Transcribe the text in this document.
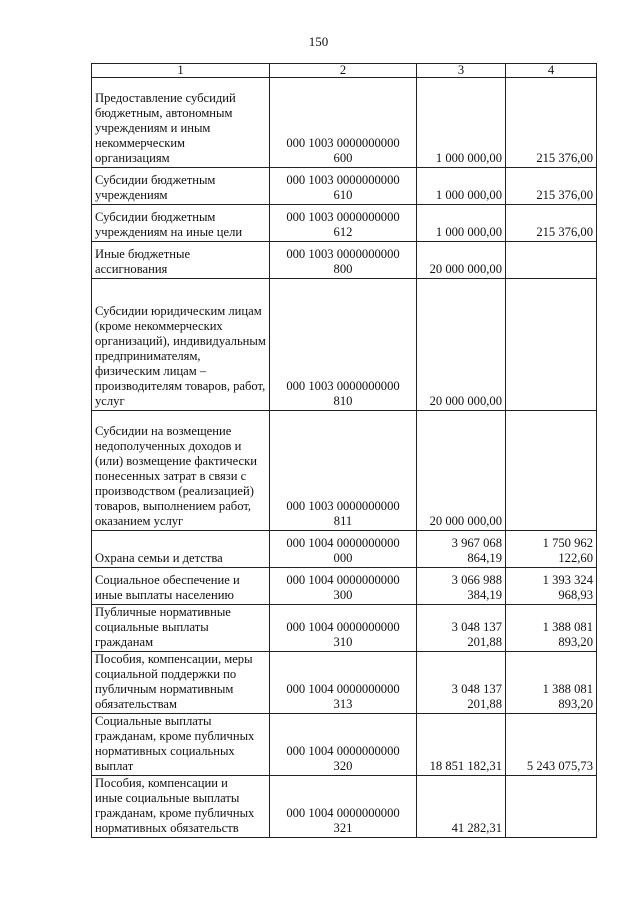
150
1	2	3	4

Предоставление субсидий бюджетным, автономным учреждениям и иным некоммерческим организациям	000 1003 0000000000 600	1 000 000,00	215 376,00

Субсидии бюджетным учреждениям	000 1003 0000000000 610	1 000 000,00	215 376,00

Субсидии бюджетным учреждениям на иные цели	000 1003 0000000000 612	1 000 000,00	215 376,00

Иные бюджетные ассигнования	000 1003 0000000000 800	20 000 000,00	

Субсидии юридическим лицам (кроме некоммерческих организаций), индивидуальным предпринимателям, физическим лицам – производителям товаров, работ, услуг	000 1003 0000000000 810	20 000 000,00	

Субсидии на возмещение недополученных доходов и (или) возмещение фактически понесенных затрат в связи с производством (реализацией) товаров, выполнением работ, оказанием услуг	000 1003 0000000000 811	20 000 000,00	

Охрана семьи и детства	000 1004 0000000000 000	3 967 068 864,19	1 750 962 122,60

Социальное обеспечение и иные выплаты населению	000 1004 0000000000 300	3 066 988 384,19	1 393 324 968,93

Публичные нормативные социальные выплаты гражданам	000 1004 0000000000 310	3 048 137 201,88	1 388 081 893,20

Пособия, компенсации, меры социальной поддержки по публичным нормативным обязательствам	000 1004 0000000000 313	3 048 137 201,88	1 388 081 893,20

Социальные выплаты гражданам, кроме публичных нормативных социальных выплат	000 1004 0000000000 320	18 851 182,31	5 243 075,73

Пособия, компенсации и иные социальные выплаты гражданам, кроме публичных нормативных обязательств	000 1004 0000000000 321	41 282,31	
